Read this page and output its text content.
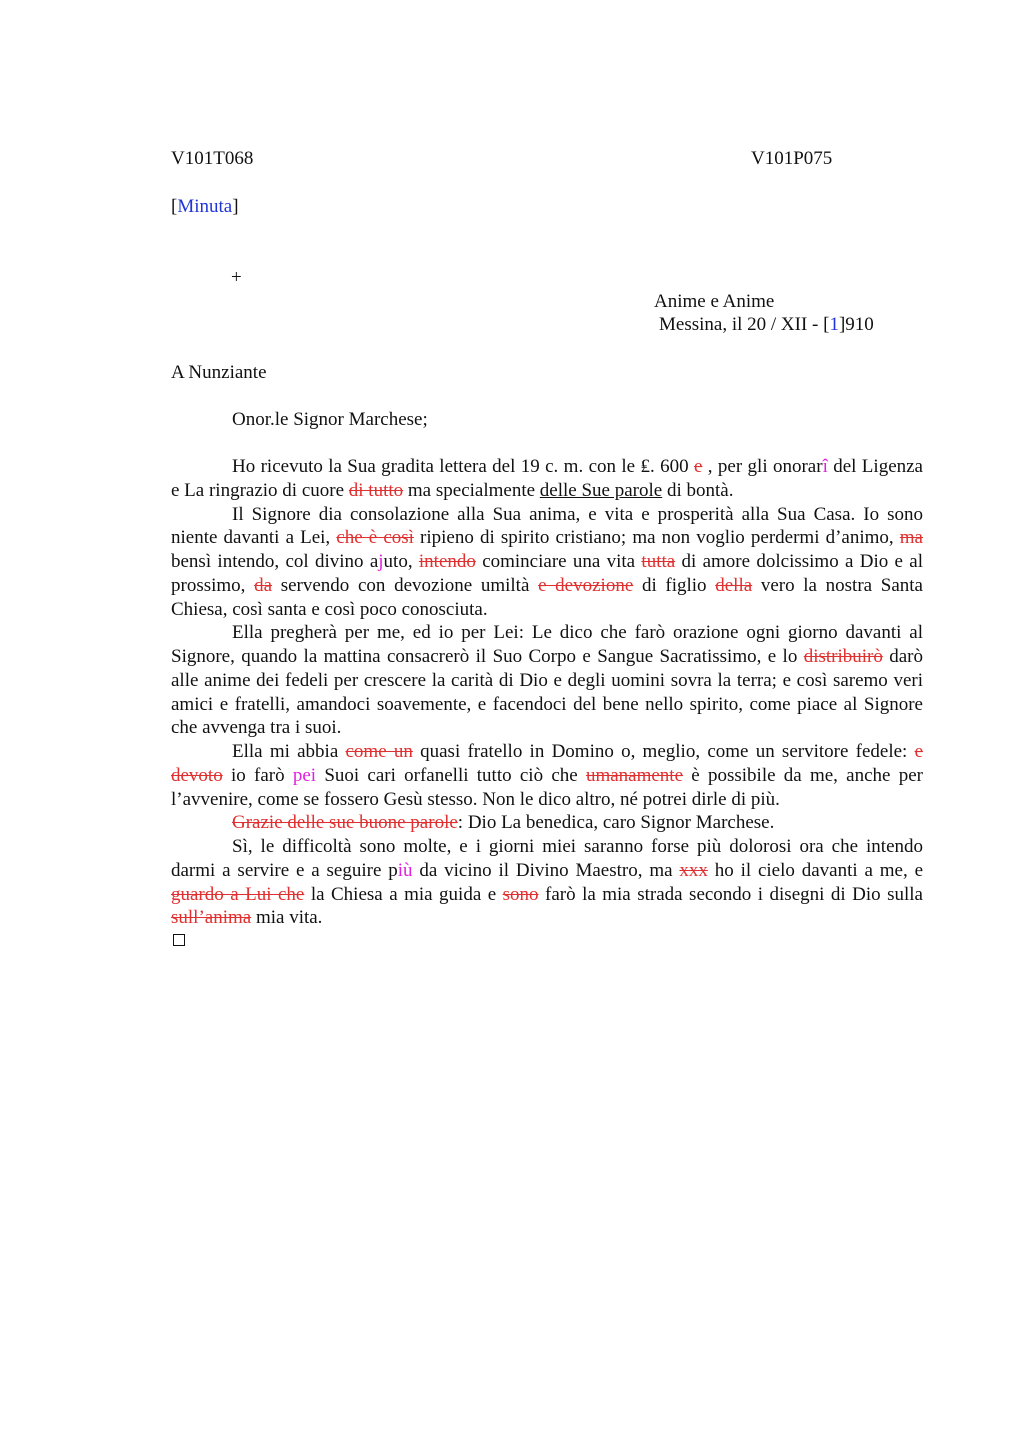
V101T068	V101P075
[Minuta]
+
Anime e Anime
Messina, il 20 / XII - [1]910
A Nunziante
Onor.le Signor Marchese;

Ho ricevuto la Sua gradita lettera del 19 c. m. con le ₤. 600 e , per gli onorarî del Ligenza e La ringrazio di cuore di tutto ma specialmente delle Sue parole di bontà.

Il Signore dia consolazione alla Sua anima, e vita e prosperità alla Sua Casa. Io sono niente davanti a Lei, che è così ripieno di spirito cristiano; ma non voglio perdermi d’animo, ma bensì intendo, col divino ajuto, intendo cominciare una vita tutta di amore dolcissimo a Dio e al prossimo, da servendo con devozione umiltà e devozione di figlio della vero la nostra Santa Chiesa, così santa e così poco conosciuta.

Ella pregherà per me, ed io per Lei: Le dico che farò orazione ogni giorno davanti al Signore, quando la mattina consacrerò il Suo Corpo e Sangue Sacratissimo, e lo distribuirò darò alle anime dei fedeli per crescere la carità di Dio e degli uomini sovra la terra; e così saremo veri amici e fratelli, amandoci soavemente, e facendoci del bene nello spirito, come piace al Signore che avvenga tra i suoi.

Ella mi abbia come un quasi fratello in Domino o, meglio, come un servitore fedele: e devoto io farò pei Suoi cari orfanelli tutto ciò che umanamente è possibile da me, anche per l’avvenire, come se fossero Gesù stesso. Non le dico altro, né potrei dirle di più.

Grazie delle sue buone parole: Dio La benedica, caro Signor Marchese.

Sì, le difficoltà sono molte, e i giorni miei saranno forse più dolorosi ora che intendo darmi a servire e a seguire più da vicino il Divino Maestro, ma xxx ho il cielo davanti a me, e guardo a Lui che la Chiesa a mia guida e sono farò la mia strada secondo i disegni di Dio sulla sull’anima mia vita.
